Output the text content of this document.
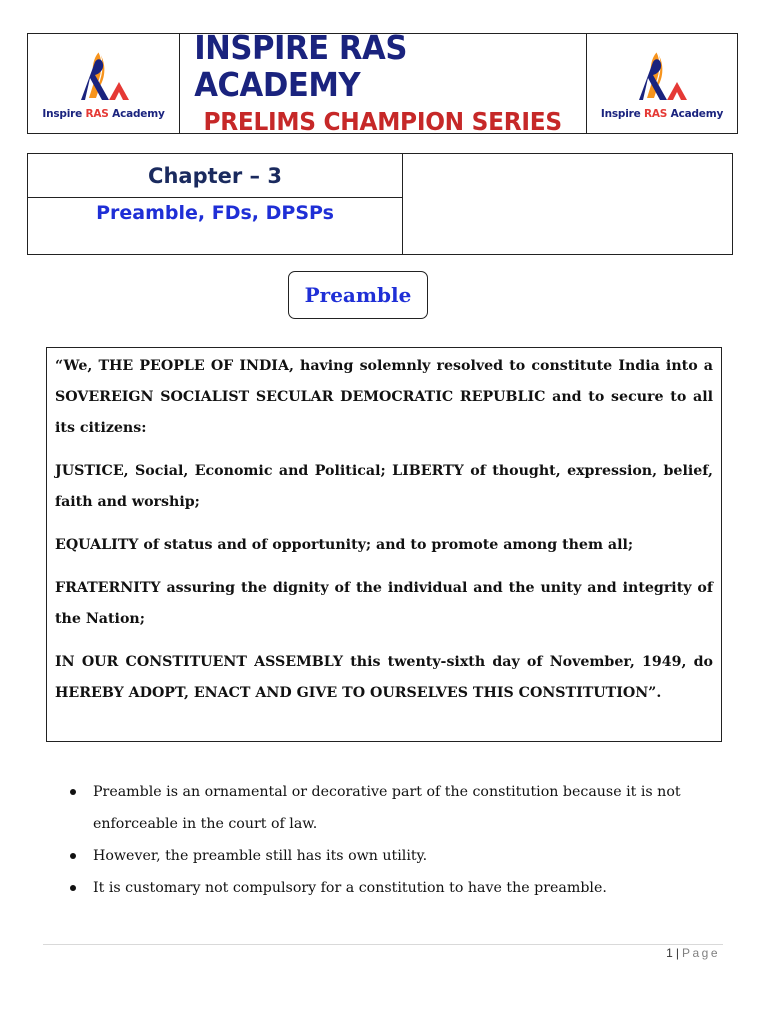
Inspire RAS Academy
INSPIRE RAS ACADEMY
PRELIMS CHAMPION SERIES	Inspire RAS Academy
Chapter – 3
Preamble, FDs, DPSPs
Preamble

“We, THE PEOPLE OF INDIA, having solemnly resolved to constitute India into a SOVEREIGN SOCIALIST SECULAR DEMOCRATIC REPUBLIC and to secure to all its citizens:

JUSTICE, Social, Economic and Political; LIBERTY of thought, expression, belief, faith and worship;

EQUALITY of status and of opportunity; and to promote among them all;

FRATERNITY assuring the dignity of the individual and the unity and integrity of the Nation;

IN OUR CONSTITUENT ASSEMBLY this twenty-sixth day of November, 1949, do HEREBY ADOPT, ENACT AND GIVE TO OURSELVES THIS CONSTITUTION”.

Preamble is an ornamental or decorative part of the constitution because it is not enforceable in the court of law.
However, the preamble still has its own utility.
It is customary not compulsory for a constitution to have the preamble.
1 | Page
